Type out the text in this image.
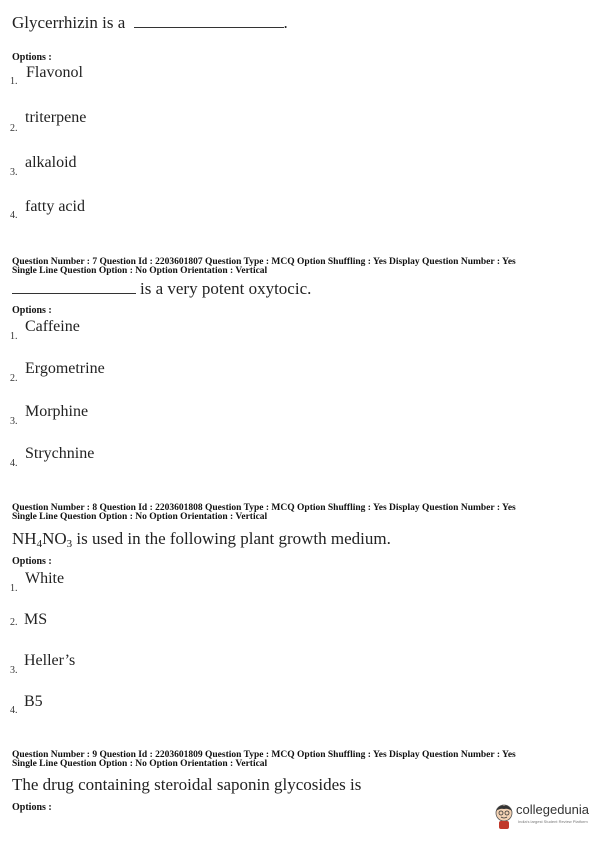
Glycerrhizin is a	.
Options :
1.
Flavonol
2.
triterpene
3.
alkaloid
4.
fatty acid
Question Number : 7 Question Id : 2203601807 Question Type : MCQ Option Shuffling : Yes Display Question Number : Yes
Single Line Question Option : No Option Orientation : Vertical
is a very potent oxytocic.
Options :
1.
Caffeine
2.
Ergometrine
3.
Morphine
4.
Strychnine
Question Number : 8 Question Id : 2203601808 Question Type : MCQ Option Shuffling : Yes Display Question Number : Yes
Single Line Question Option : No Option Orientation : Vertical
$NH_4NO_3$ is used in the following plant growth medium.
Options :
1.
White
2. MS
3.
Heller’s
4.
B5
Question Number : 9 Question Id : 2203601809 Question Type : MCQ Option Shuffling : Yes Display Question Number : Yes
Single Line Question Option : No Option Orientation : Vertical
The drug containing steroidal saponin glycosides is
Options :	collegedunia
India's largest Student Review Platform
